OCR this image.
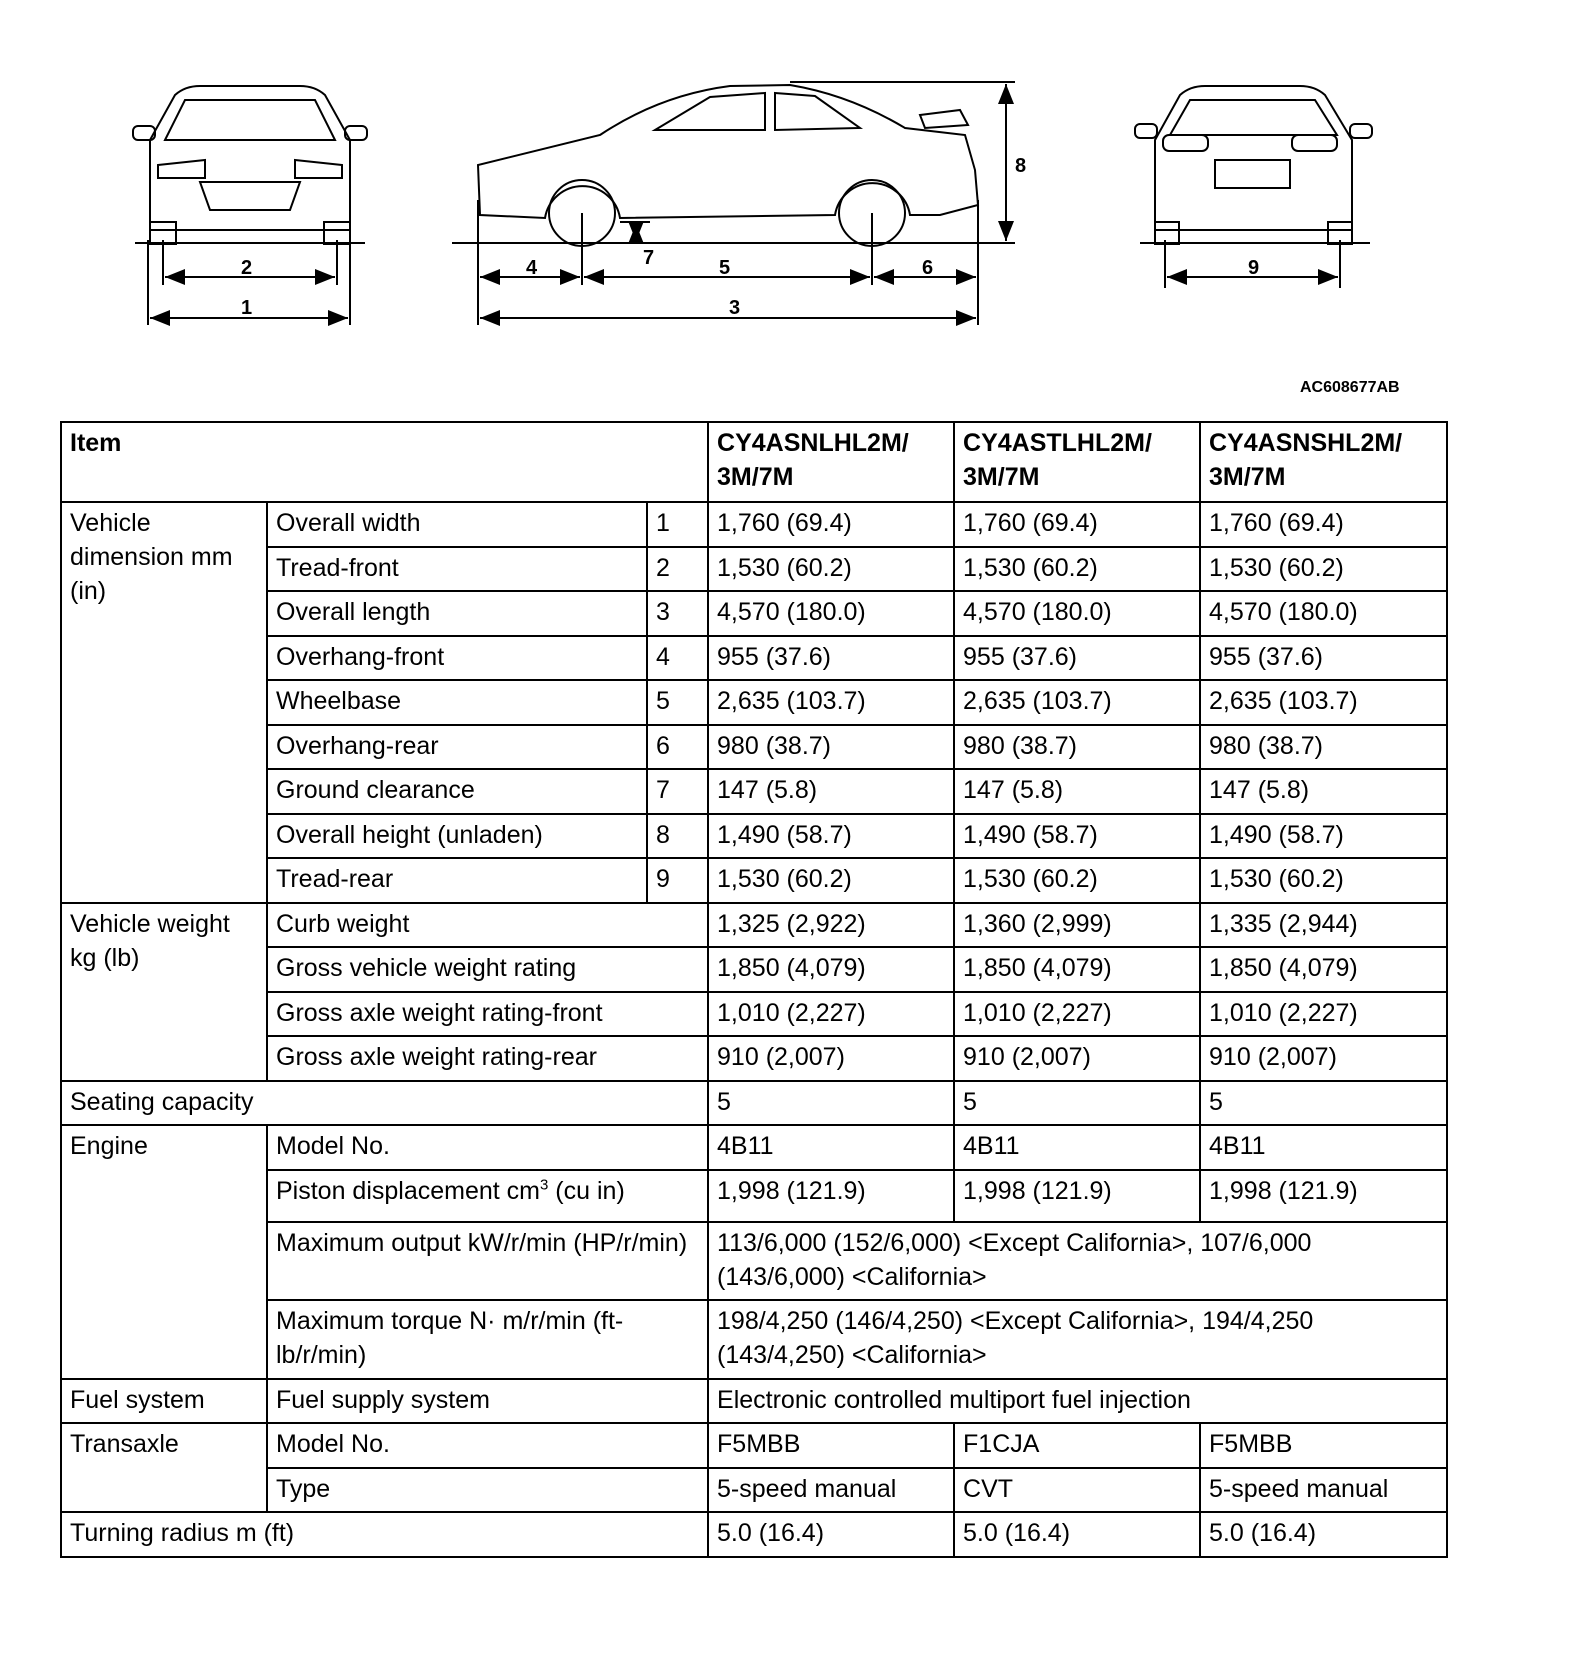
2
1
4	5	6
3
7
8
9
AC608677AB
Item			CY4ASNLHL2M/ 3M/7M	CY4ASTLHL2M/ 3M/7M	CY4ASNSHL2M/ 3M/7M
Vehicle dimension mm (in)	Overall width	1	1,760 (69.4)	1,760 (69.4)	1,760 (69.4)
	Tread-front	2	1,530 (60.2)	1,530 (60.2)	1,530 (60.2)
	Overall length	3	4,570 (180.0)	4,570 (180.0)	4,570 (180.0)
	Overhang-front	4	955 (37.6)	955 (37.6)	955 (37.6)
	Wheelbase	5	2,635 (103.7)	2,635 (103.7)	2,635 (103.7)
	Overhang-rear	6	980 (38.7)	980 (38.7)	980 (38.7)
	Ground clearance	7	147 (5.8)	147 (5.8)	147 (5.8)
	Overall height (unladen)	8	1,490 (58.7)	1,490 (58.7)	1,490 (58.7)
	Tread-rear	9	1,530 (60.2)	1,530 (60.2)	1,530 (60.2)
Vehicle weight kg (lb)	Curb weight		1,325 (2,922)	1,360 (2,999)	1,335 (2,944)
	Gross vehicle weight rating		1,850 (4,079)	1,850 (4,079)	1,850 (4,079)
	Gross axle weight rating-front		1,010 (2,227)	1,010 (2,227)	1,010 (2,227)
	Gross axle weight rating-rear		910 (2,007)	910 (2,007)	910 (2,007)
Seating capacity			5	5	5
Engine	Model No.		4B11	4B11	4B11
	Piston displacement $cm^3$ (cu in)		1,998 (121.9)	1,998 (121.9)	1,998 (121.9)
	Maximum output kW/r/min (HP/r/min)		113/6,000 (152/6,000) <Except California>, 107/6,000 (143/6,000) <California>		
	Maximum torque N· m/r/min (ft-lb/r/min)		198/4,250 (146/4,250) <Except California>, 194/4,250 (143/4,250) <California>		
Fuel system	Fuel supply system		Electronic controlled multiport fuel injection		
Transaxle	Model No.		F5MBB	F1CJA	F5MBB
	Type		5-speed manual	CVT	5-speed manual
Turning radius m (ft)			5.0 (16.4)	5.0 (16.4)	5.0 (16.4)
